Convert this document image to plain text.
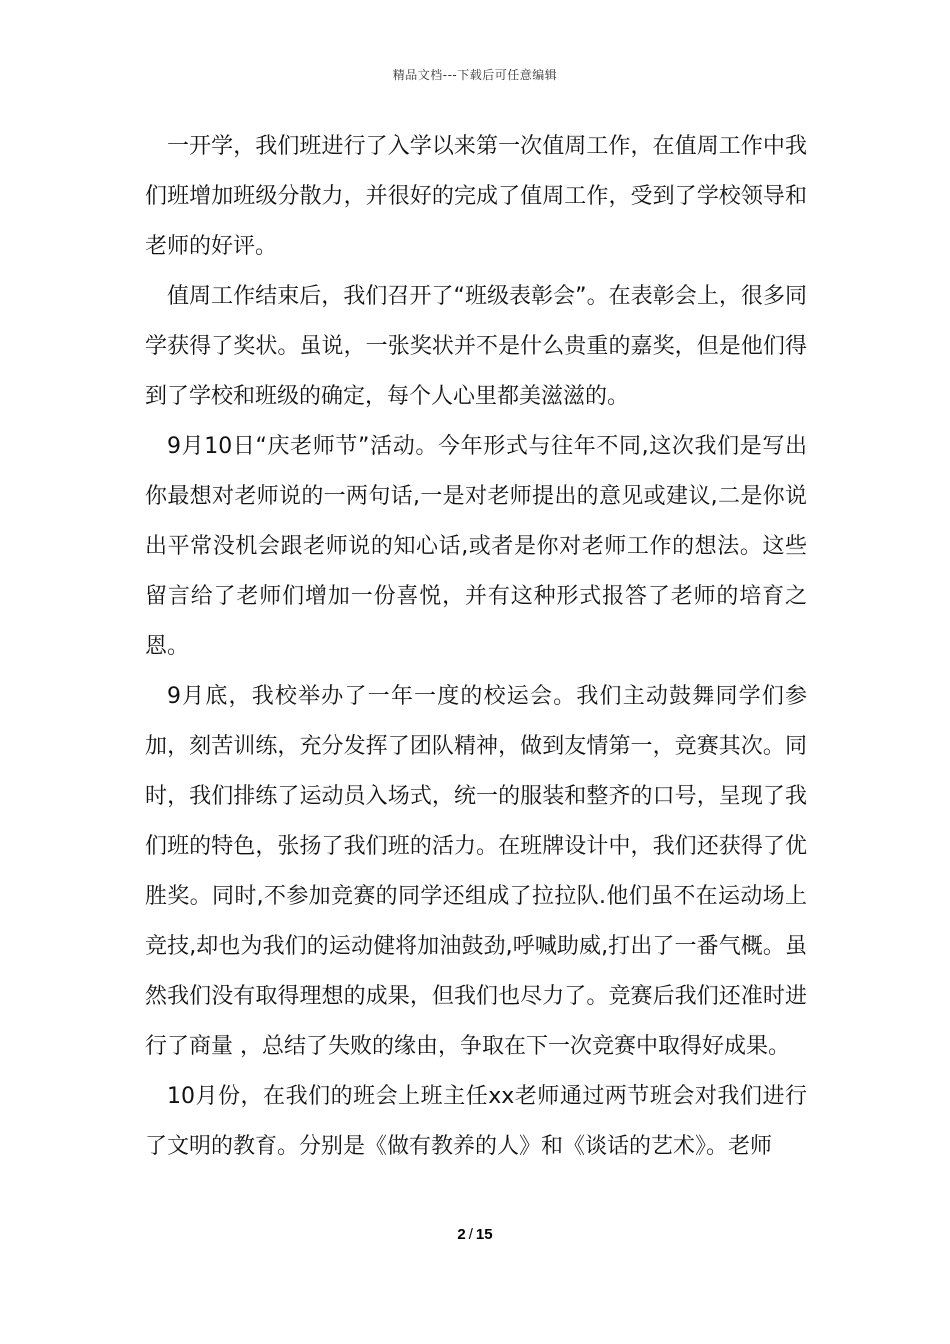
精品文档---下载后可任意编辑

一开学，我们班进行了入学以来第一次值周工作，在值周工作中我们班增加班级分散力，并很好的完成了值周工作，受到了学校领导和老师的好评。

值周工作结束后，我们召开了“班级表彰会”。在表彰会上，很多同学获得了奖状。虽说，一张奖状并不是什么贵重的嘉奖，但是他们得到了学校和班级的确定，每个人心里都美滋滋的。

9月10日“庆老师节”活动。今年形式与往年不同,这次我们是写出你最想对老师说的一两句话,一是对老师提出的意见或建议,二是你说出平常没机会跟老师说的知心话,或者是你对老师工作的想法。这些留言给了老师们增加一份喜悦，并有这种形式报答了老师的培育之恩。

9月底，我校举办了一年一度的校运会。我们主动鼓舞同学们参加，刻苦训练，充分发挥了团队精神，做到友情第一，竞赛其次。同时，我们排练了运动员入场式，统一的服装和整齐的口号，呈现了我们班的特色，张扬了我们班的活力。在班牌设计中，我们还获得了优胜奖。同时,不参加竞赛的同学还组成了拉拉队.他们虽不在运动场上竞技,却也为我们的运动健将加油鼓劲,呼喊助威,打出了一番气概。虽然我们没有取得理想的成果，但我们也尽力了。竞赛后我们还准时进行了商量 ，总结了失败的缘由，争取在下一次竞赛中取得好成果。

10月份，在我们的班会上班主任xx老师通过两节班会对我们进行了文明的教育。分别是《做有教养的人》和《谈话的艺术》。老师

2 / 15
